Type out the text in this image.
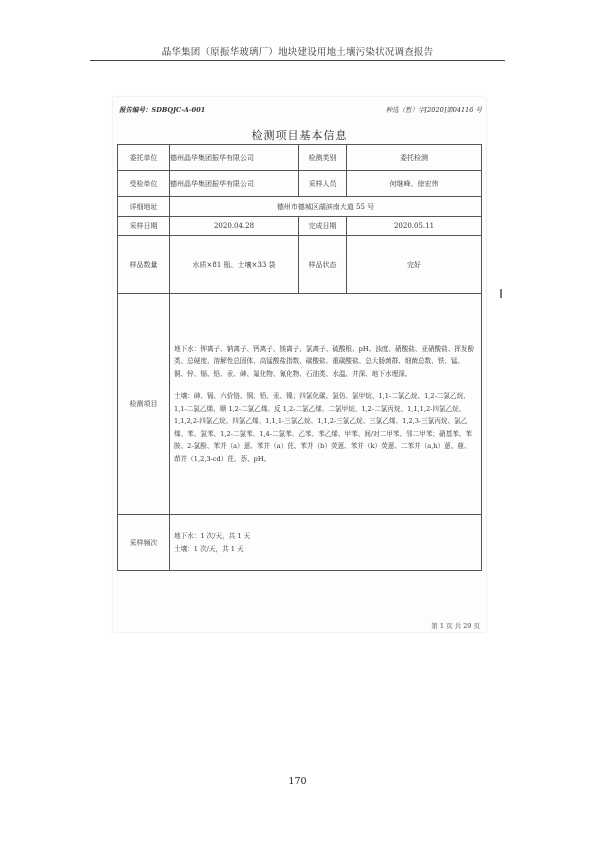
晶华集团（原振华玻璃厂）地块建设用地土壤污染状况调查报告
报告编号：SDBQJC-A-001	种选（暂）字[2020]第04116 号
检测项目基本信息
委托单位	德州晶华集团振华有限公司	检测类别	委托检测
受检单位	德州晶华集团振华有限公司	采样人员	何继峰、徐宏伟
详细地址	德州市德城区湖滨南大道 55 号		
采样日期	2020.04.28	完成日期	2020.05.11
样品数量	水质×81 瓶、土壤×33 袋	样品状态	完好
检测项目	地下水：钾离子、钠离子、钙离子、镁离子、氯离子、硫酸根、pH、浊度、硝酸盐、亚硝酸盐、挥发酚类、总硬度、溶解性总固体、高锰酸盐指数、碳酸盐、重碳酸盐、总大肠菌群、细菌总数、铁、锰、铜、锌、镉、铅、汞、砷、氟化物、氰化物、石油类、水温、井深、地下水埋深。

土壤：砷、镉、六价铬、铜、铅、汞、镍；四氯化碳、氯仿、氯甲烷、1,1-二氯乙烷、1,2-二氯乙烷、1,1-二氯乙烯、顺 1,2-二氯乙烯、反 1,2-二氯乙烯、二氯甲烷、1,2-二氯丙烷、1,1,1,2-四氯乙烷、1,1,2,2-四氯乙烷、四氯乙烯、1,1,1-三氯乙烷、1,1,2-三氯乙烷、三氯乙烯、1,2,3-三氯丙烷、氯乙烯、苯、氯苯、1,2-二氯苯、1,4-二氯苯、乙苯、苯乙烯、甲苯、间/对二甲苯、邻二甲苯；硝基苯、苯胺、2-氯酚、苯并（a）蒽、苯并（a）芘、苯并（b）荧蒽、苯并（k）荧蒽、二苯并（a,h）蒽、䓛、茚并（1,2,3-cd）芘、萘、pH。		

采样频次	地下水：1 次/天，共 1 天
土壤：1 次/天，共 1 天		
第 1 页 共 29 页
170
